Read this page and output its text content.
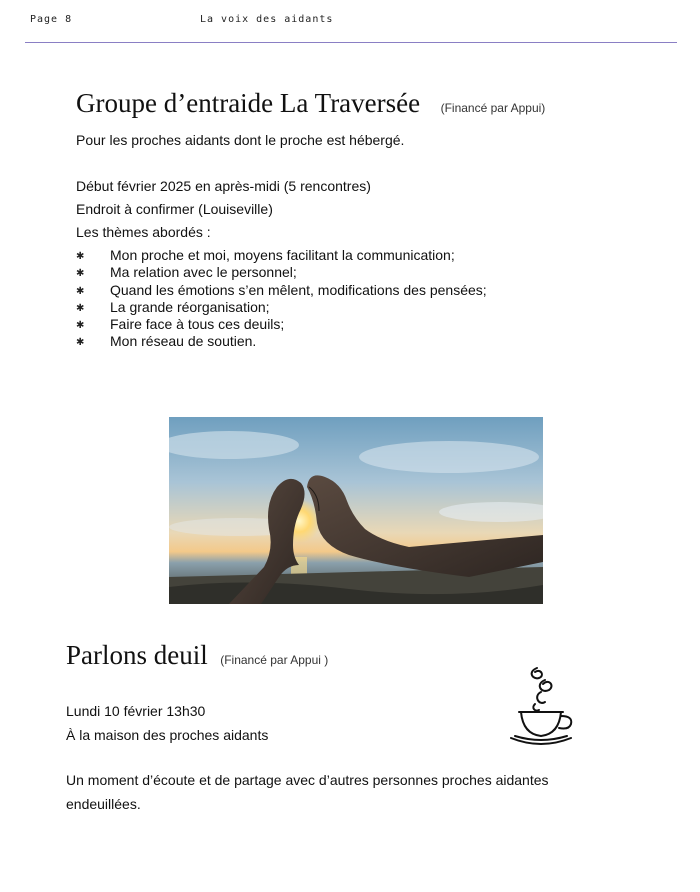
Page 8	La voix des aidants
Groupe d’entraide La Traversée (Financé par Appui)
Pour les proches aidants dont le proche est hébergé.
Début février 2025 en après-midi (5 rencontres)
Endroit à confirmer (Louiseville)
Les thèmes abordés :
✱ Mon proche et moi, moyens facilitant la communication;
✱ Ma relation avec le personnel;
✱ Quand les émotions s’en mêlent, modifications des pensées;
✱ La grande réorganisation;
✱ Faire face à tous ces deuils;
✱ Mon réseau de soutien.
Parlons deuil (Financé par Appui )
Lundi 10 février 13h30
À la maison des proches aidants
Un moment d’écoute et de partage avec d’autres personnes proches aidantes
endeuillées.
